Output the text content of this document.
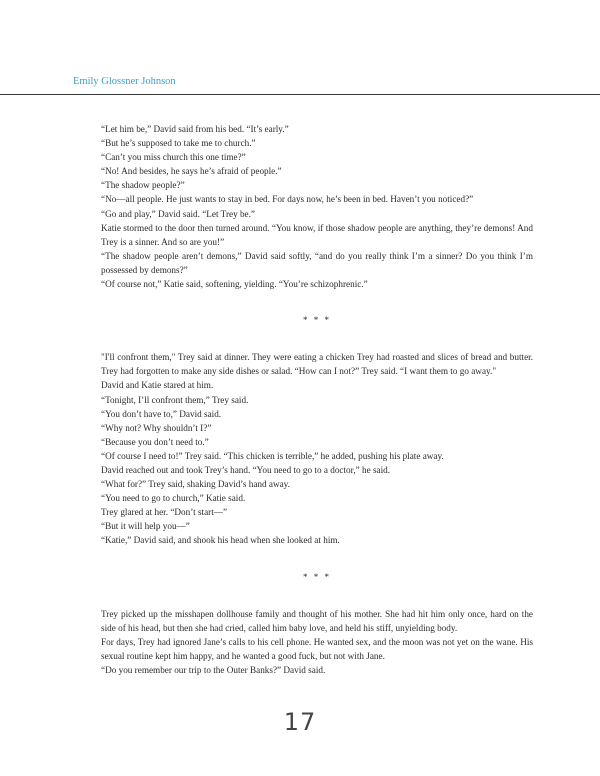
Emily Glossner Johnson

“Let him be,” David said from his bed. “It’s early.”

“But he’s supposed to take me to church.”

“Can’t you miss church this one time?”

“No! And besides, he says he’s afraid of people.”

“The shadow people?”

“No—all people. He just wants to stay in bed. For days now, he’s been in bed. Haven’t you noticed?”

“Go and play,” David said. “Let Trey be.”

Katie stormed to the door then turned around. “You know, if those shadow people are anything, they’re demons! And Trey is a sinner. And so are you!”

“The shadow people aren’t demons,” David said softly, “and do you really think I’m a sinner? Do you think I’m possessed by demons?”

“Of course not,” Katie said, softening, yielding. “You’re schizophrenic.”

* * *

"I'll confront them," Trey said at dinner. They were eating a chicken Trey had roasted and slices of bread and butter. Trey had forgotten to make any side dishes or salad. “How can I not?” Trey said. “I want them to go away."

David and Katie stared at him.

“Tonight, I’ll confront them,” Trey said.

“You don’t have to,” David said.

“Why not? Why shouldn’t I?”

“Because you don’t need to.”

“Of course I need to!” Trey said. “This chicken is terrible,” he added, pushing his plate away.

David reached out and took Trey’s hand. “You need to go to a doctor,” he said.

“What for?” Trey said, shaking David’s hand away.

“You need to go to church,” Katie said.

Trey glared at her. “Don’t start—”

“But it will help you—”

“Katie,” David said, and shook his head when she looked at him.

* * *

Trey picked up the misshapen dollhouse family and thought of his mother. She had hit him only once, hard on the side of his head, but then she had cried, called him baby love, and held his stiff, unyielding body.

For days, Trey had ignored Jane’s calls to his cell phone. He wanted sex, and the moon was not yet on the wane. His sexual routine kept him happy, and he wanted a good fuck, but not with Jane.

“Do you remember our trip to the Outer Banks?” David said.

17
